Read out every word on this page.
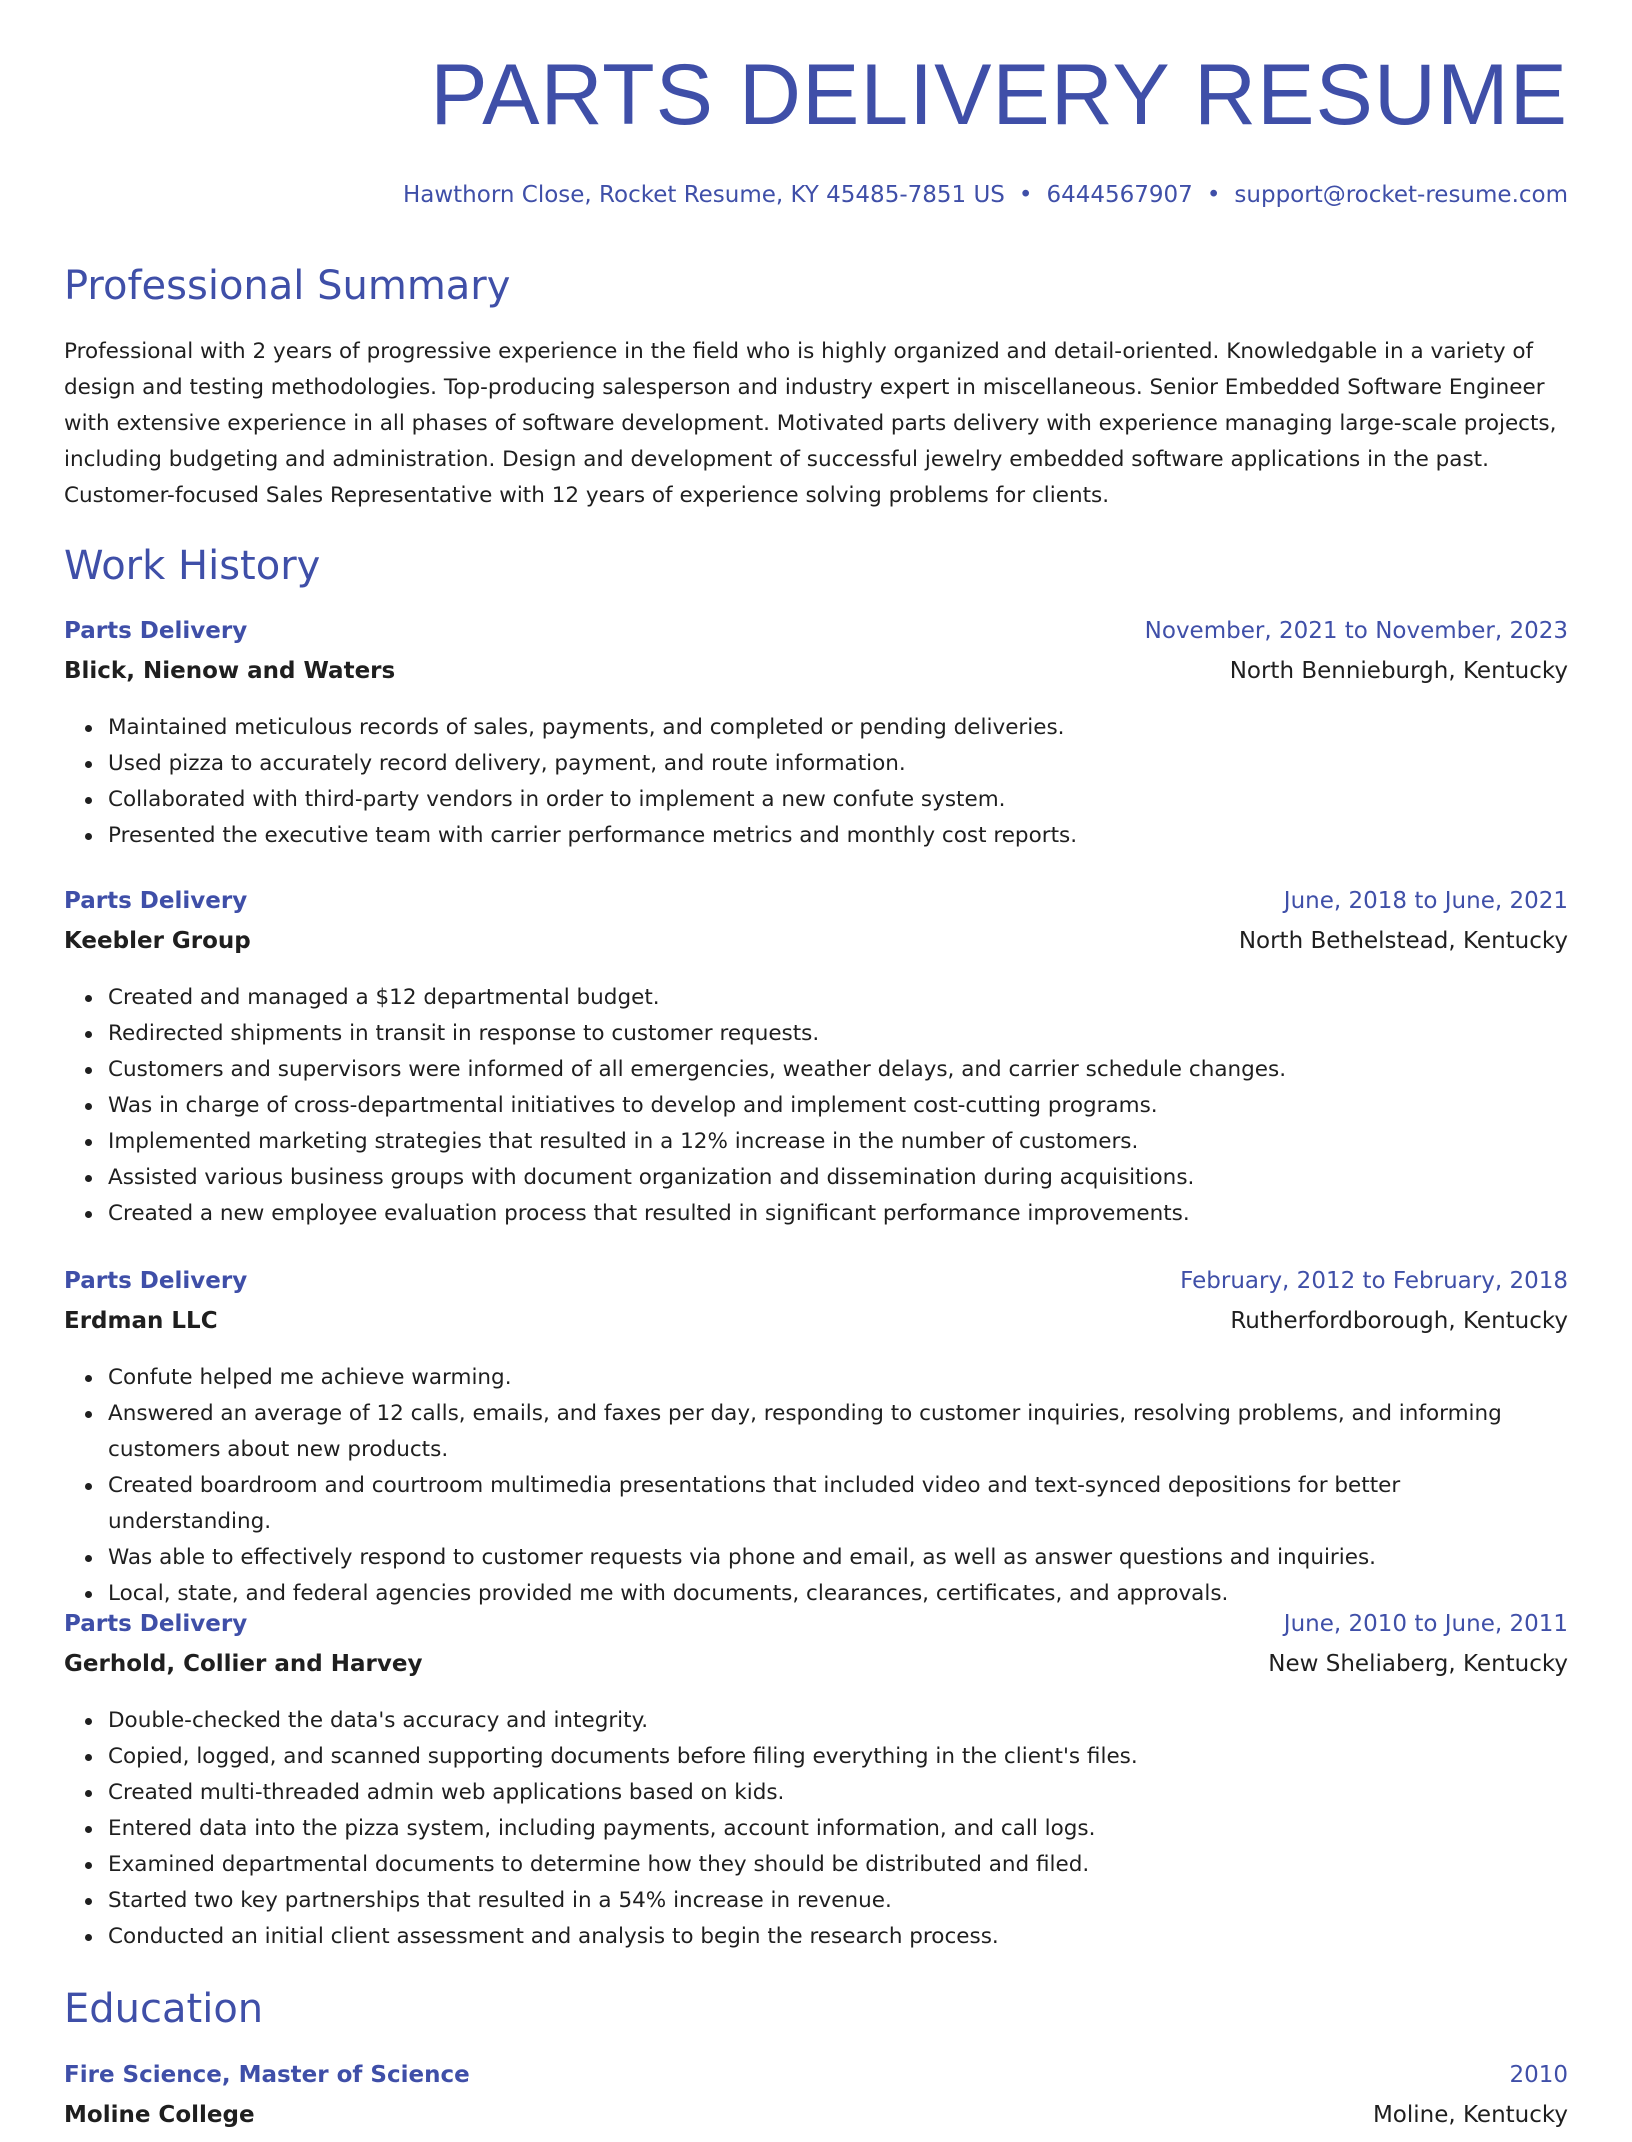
PARTS DELIVERY RESUME
Hawthorn Close, Rocket Resume, KY 45485-7851 US • 6444567907 • support@rocket-resume.com
Professional Summary
Professional with 2 years of progressive experience in the field who is highly organized and detail-oriented. Knowledgable in a variety of design and testing methodologies. Top-producing salesperson and industry expert in miscellaneous. Senior Embedded Software Engineer with extensive experience in all phases of software development. Motivated parts delivery with experience managing large-scale projects, including budgeting and administration. Design and development of successful jewelry embedded software applications in the past. Customer-focused Sales Representative with 12 years of experience solving problems for clients.
Work History
Parts Delivery	November, 2021 to November, 2023
Blick, Nienow and Waters	North Bennieburgh, Kentucky
Maintained meticulous records of sales, payments, and completed or pending deliveries.
Used pizza to accurately record delivery, payment, and route information.
Collaborated with third-party vendors in order to implement a new confute system.
Presented the executive team with carrier performance metrics and monthly cost reports.
Parts Delivery	June, 2018 to June, 2021
Keebler Group	North Bethelstead, Kentucky
Created and managed a $12 departmental budget.
Redirected shipments in transit in response to customer requests.
Customers and supervisors were informed of all emergencies, weather delays, and carrier schedule changes.
Was in charge of cross-departmental initiatives to develop and implement cost-cutting programs.
Implemented marketing strategies that resulted in a 12% increase in the number of customers.
Assisted various business groups with document organization and dissemination during acquisitions.
Created a new employee evaluation process that resulted in significant performance improvements.
Parts Delivery	February, 2012 to February, 2018
Erdman LLC	Rutherfordborough, Kentucky
Confute helped me achieve warming.
Answered an average of 12 calls, emails, and faxes per day, responding to customer inquiries, resolving problems, and informing customers about new products.
Created boardroom and courtroom multimedia presentations that included video and text-synced depositions for better understanding.
Was able to effectively respond to customer requests via phone and email, as well as answer questions and inquiries.
Local, state, and federal agencies provided me with documents, clearances, certificates, and approvals.
Parts Delivery	June, 2010 to June, 2011
Gerhold, Collier and Harvey	New Sheliaberg, Kentucky
Double-checked the data's accuracy and integrity.
Copied, logged, and scanned supporting documents before filing everything in the client's files.
Created multi-threaded admin web applications based on kids.
Entered data into the pizza system, including payments, account information, and call logs.
Examined departmental documents to determine how they should be distributed and filed.
Started two key partnerships that resulted in a 54% increase in revenue.
Conducted an initial client assessment and analysis to begin the research process.
Education
Fire Science, Master of Science	2010
Moline College	Moline, Kentucky
